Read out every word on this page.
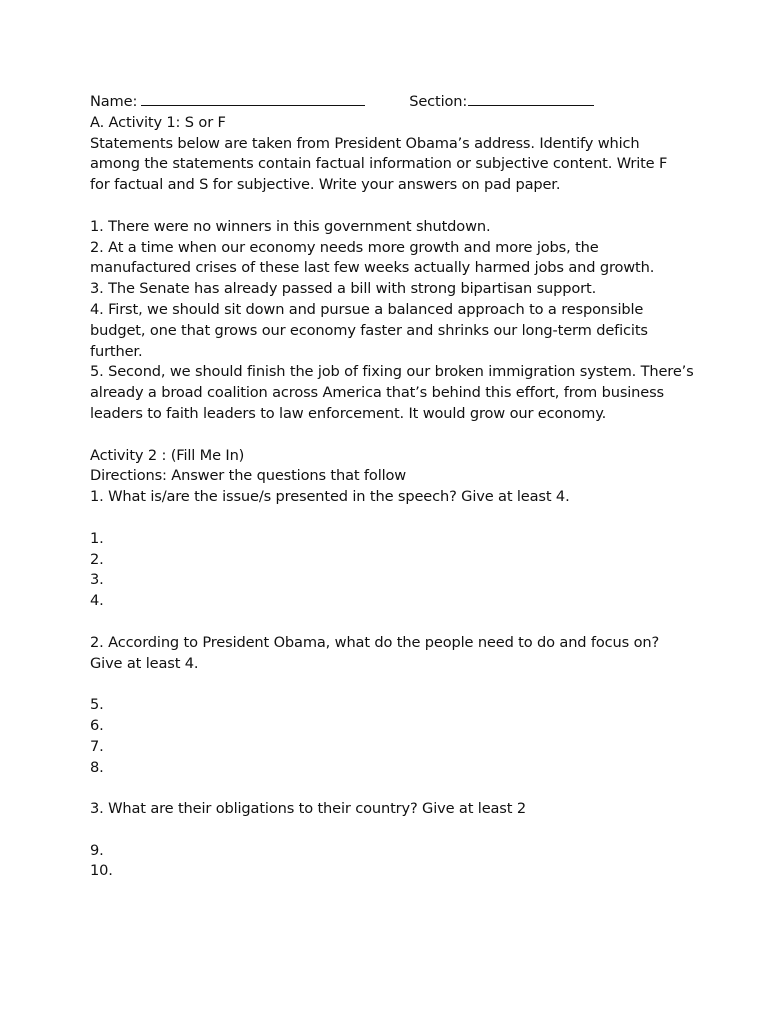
Name:	Section:
A. Activity 1: S or F
Statements below are taken from President Obama’s address. Identify which
among the statements contain factual information or subjective content. Write F
for factual and S for subjective. Write your answers on pad paper.
1. There were no winners in this government shutdown.
2. At a time when our economy needs more growth and more jobs, the
manufactured crises of these last few weeks actually harmed jobs and growth.
3. The Senate has already passed a bill with strong bipartisan support.
4. First, we should sit down and pursue a balanced approach to a responsible
budget, one that grows our economy faster and shrinks our long-term deficits
further.
5. Second, we should finish the job of fixing our broken immigration system. There’s
already a broad coalition across America that’s behind this effort, from business
leaders to faith leaders to law enforcement. It would grow our economy.
Activity 2 : (Fill Me In)
Directions: Answer the questions that follow
1. What is/are the issue/s presented in the speech? Give at least 4.
1.
2.
3.
4.
2. According to President Obama, what do the people need to do and focus on?
Give at least 4.
5.
6.
7.
8.
3. What are their obligations to their country? Give at least 2
9.
10.
